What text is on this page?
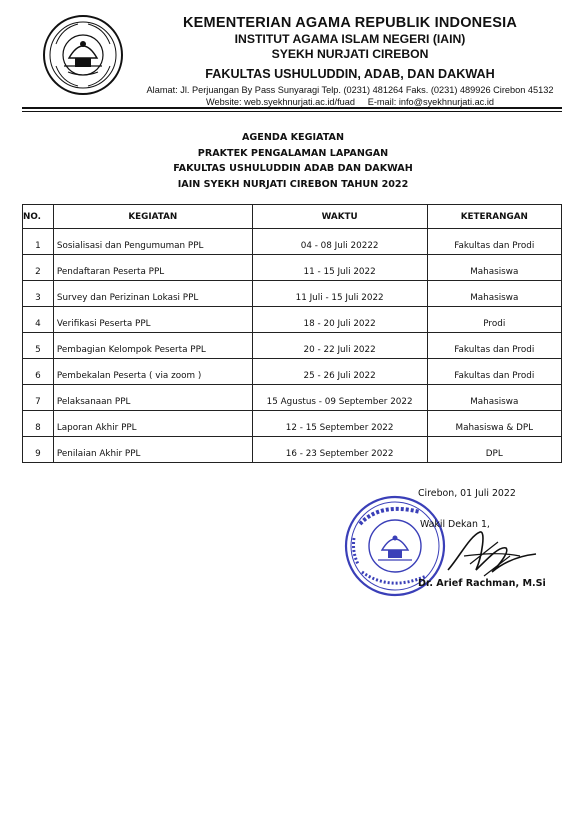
KEMENTERIAN AGAMA REPUBLIK INDONESIA
INSTITUT AGAMA ISLAM NEGERI (IAIN)
SYEKH NURJATI CIREBON
FAKULTAS USHULUDDIN, ADAB, DAN DAKWAH
Alamat: Jl. Perjuangan By Pass Sunyaragi Telp. (0231) 481264 Faks. (0231) 489926 Cirebon 45132
Website: web.syekhnurjati.ac.id/fuad     E-mail: info@syekhnurjati.ac.id
AGENDA KEGIATAN
PRAKTEK PENGALAMAN LAPANGAN
FAKULTAS USHULUDDIN ADAB DAN DAKWAH
IAIN SYEKH NURJATI CIREBON TAHUN 2022
NO.	KEGIATAN	WAKTU	KETERANGAN
1	Sosialisasi dan Pengumuman PPL	04 - 08 Juli 20222	Fakultas dan Prodi
2	Pendaftaran Peserta PPL	11 - 15 Juli 2022	Mahasiswa
3	Survey dan Perizinan Lokasi PPL	11 Juli - 15 Juli 2022	Mahasiswa
4	Verifikasi Peserta PPL	18 - 20 Juli 2022	Prodi
5	Pembagian Kelompok Peserta PPL	20 - 22 Juli 2022	Fakultas dan Prodi
6	Pembekalan Peserta ( via zoom )	25 - 26 Juli 2022	Fakultas dan Prodi
7	Pelaksanaan PPL	15 Agustus - 09 September 2022	Mahasiswa
8	Laporan Akhir PPL	12 - 15 September 2022	Mahasiswa & DPL
9	Penilaian Akhir PPL	16 - 23 September 2022	DPL
Cirebon, 01 Juli 2022
Wakil Dekan 1,
Dr. Arief Rachman, M.Si
